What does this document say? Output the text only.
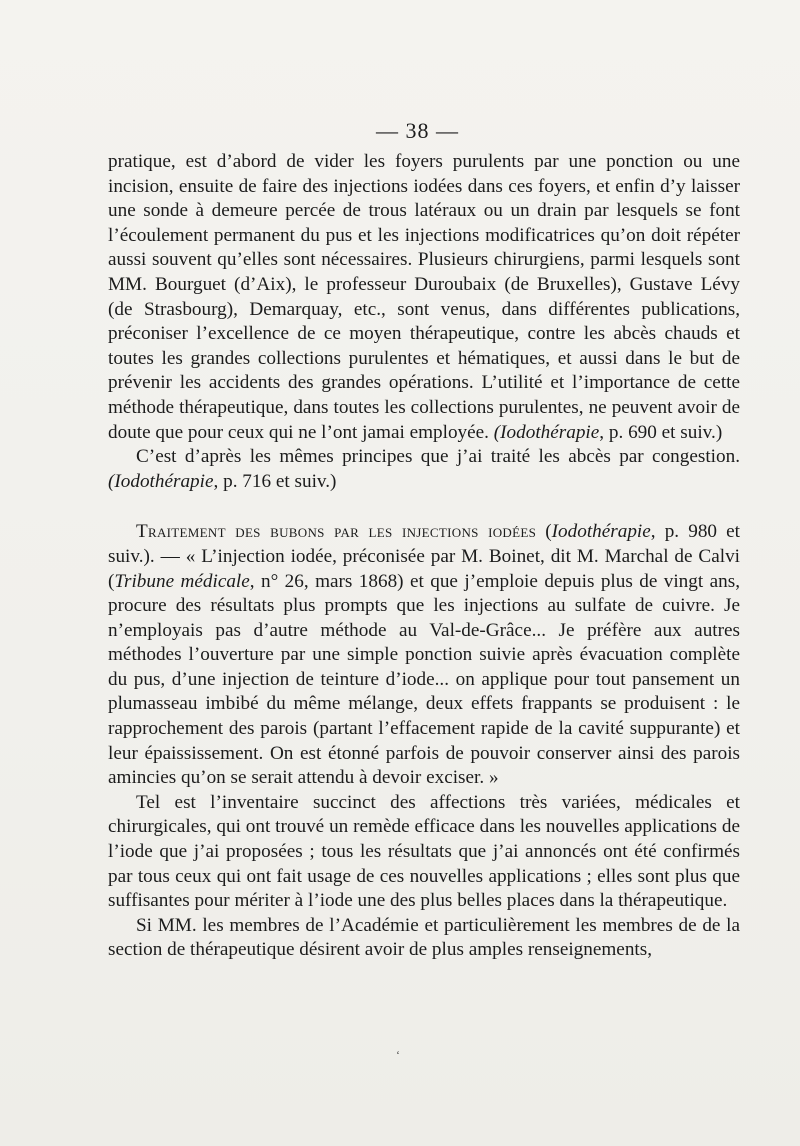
— 38 —

pratique, est d’abord de vider les foyers purulents par une ponction ou une incision, ensuite de faire des injections iodées dans ces foyers, et enfin d’y laisser une sonde à demeure percée de trous latéraux ou un drain par lesquels se font l’écoulement permanent du pus et les injections modificatrices qu’on doit répéter aussi souvent qu’elles sont nécessaires. Plusieurs chirurgiens, parmi lesquels sont MM. Bourguet (d’Aix), le professeur Duroubaix (de Bruxelles), Gustave Lévy (de Strasbourg), Demarquay, etc., sont venus, dans différentes publications, préconiser l’excellence de ce moyen thérapeutique, contre les abcès chauds et toutes les grandes collections purulentes et hématiques, et aussi dans le but de prévenir les accidents des grandes opérations. L’utilité et l’importance de cette méthode thérapeutique, dans toutes les collections purulentes, ne peuvent avoir de doute que pour ceux qui ne l’ont jamai employée. (Iodothérapie, p. 690 et suiv.)

C’est d’après les mêmes principes que j’ai traité les abcès par congestion. (Iodothérapie, p. 716 et suiv.)

Traitement des bubons par les injections iodées (Iodothérapie, p. 980 et suiv.). — « L’injection iodée, préconisée par M. Boinet, dit M. Marchal de Calvi (Tribune médicale, n° 26, mars 1868) et que j’emploie depuis plus de vingt ans, procure des résultats plus prompts que les injections au sulfate de cuivre. Je n’employais pas d’autre méthode au Val-de-Grâce... Je préfère aux autres méthodes l’ouverture par une simple ponction suivie après évacuation complète du pus, d’une injection de teinture d’iode... on applique pour tout pansement un plumasseau imbibé du même mélange, deux effets frappants se produisent : le rapprochement des parois (partant l’effacement rapide de la cavité suppurante) et leur épaississement. On est étonné parfois de pouvoir conserver ainsi des parois amincies qu’on se serait attendu à devoir exciser. »

Tel est l’inventaire succinct des affections très variées, médicales et chirurgicales, qui ont trouvé un remède efficace dans les nouvelles applications de l’iode que j’ai proposées ; tous les résultats que j’ai annoncés ont été confirmés par tous ceux qui ont fait usage de ces nouvelles applications ; elles sont plus que suffisantes pour mériter à l’iode une des plus belles places dans la thérapeutique.

Si MM. les membres de l’Académie et particulièrement les membres de de la section de thérapeutique désirent avoir de plus amples renseignements,

ʻ
